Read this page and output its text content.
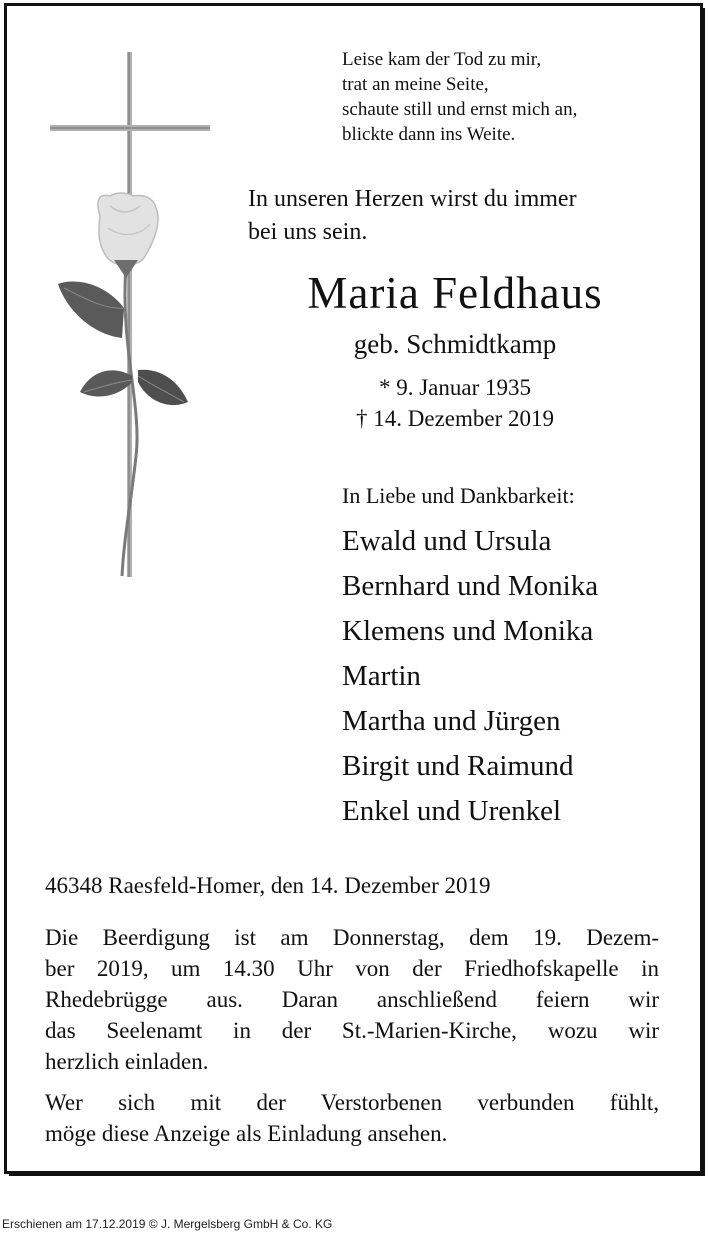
Leise kam der Tod zu mir,
trat an meine Seite,
schaute still und ernst mich an,
blickte dann ins Weite.
In unseren Herzen wirst du immer
bei uns sein.
Maria Feldhaus
geb. Schmidtkamp
* 9. Januar 1935
† 14. Dezember 2019
In Liebe und Dankbarkeit:
Ewald und Ursula
Bernhard und Monika
Klemens und Monika
Martin
Martha und Jürgen
Birgit und Raimund
Enkel und Urenkel
46348 Raesfeld-Homer, den 14. Dezember 2019
Die Beerdigung ist am Donnerstag, dem 19. Dezem-
ber 2019, um 14.30 Uhr von der Friedhofskapelle in
Rhedebrügge aus. Daran anschließend feiern wir
das Seelenamt in der St.-Marien-Kirche, wozu wir
herzlich einladen.
Wer sich mit der Verstorbenen verbunden fühlt,
möge diese Anzeige als Einladung ansehen.
Erschienen am 17.12.2019 © J. Mergelsberg GmbH & Co. KG
